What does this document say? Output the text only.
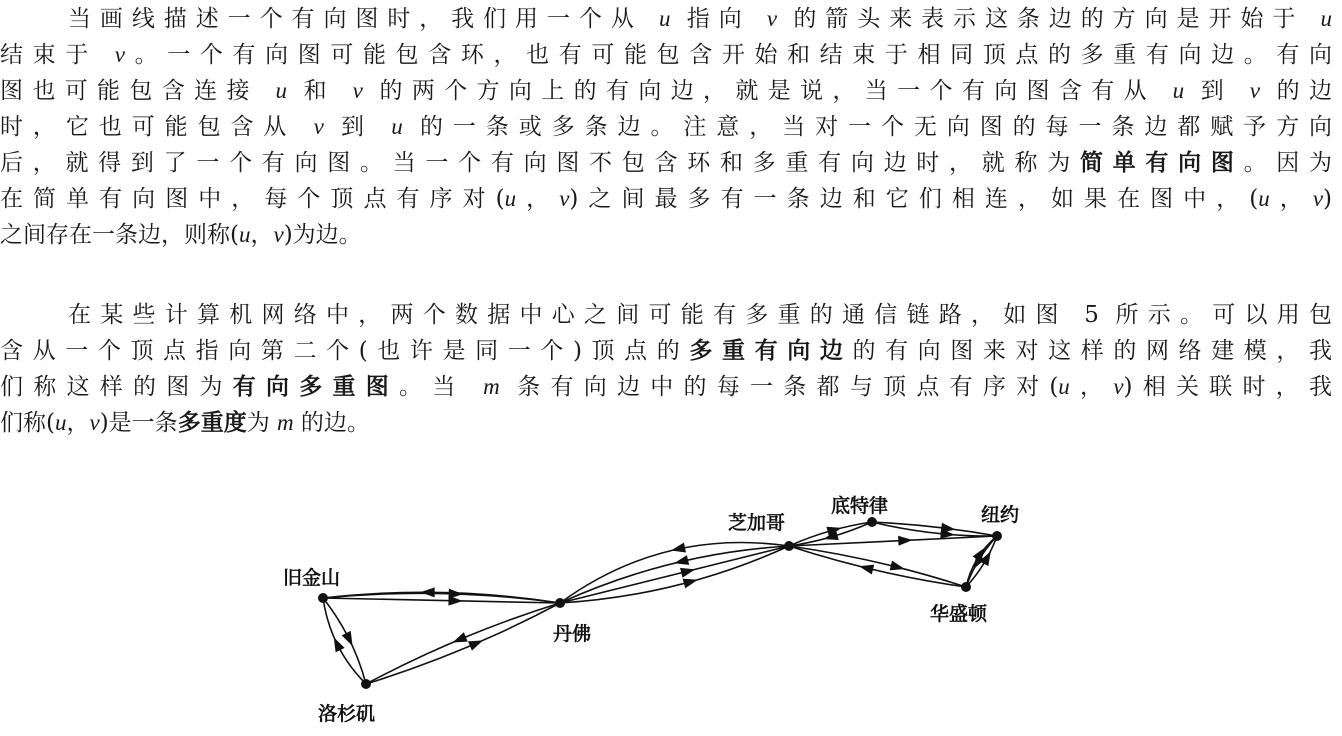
当画线描述一个有向图时，我们用一个从 u 指向 v 的箭头来表示这条边的方向是开始于 u
结束于 v。一个有向图可能包含环，也有可能包含开始和结束于相同顶点的多重有向边。有向
图也可能包含连接 u 和 v 的两个方向上的有向边，就是说，当一个有向图含有从 u 到 v 的边
时，它也可能包含从 v 到 u 的一条或多条边。注意，当对一个无向图的每一条边都赋予方向
后，就得到了一个有向图。当一个有向图不包含环和多重有向边时，就称为简单有向图。因为
在简单有向图中，每个顶点有序对(u，v)之间最多有一条边和它们相连，如果在图中，(u，v)
之间存在一条边，则称(u，v)为边。
在某些计算机网络中，两个数据中心之间可能有多重的通信链路，如图 5 所示。可以用包
含从一个顶点指向第二个(也许是同一个)顶点的多重有向边的有向图来对这样的网络建模，我
们称这样的图为有向多重图。当 m 条有向边中的每一条都与顶点有序对(u，v)相关联时，我
们称(u，v)是一条多重度为 m 的边。
旧金山
洛杉矶
丹佛
芝加哥
底特律	纽约
华盛顿
